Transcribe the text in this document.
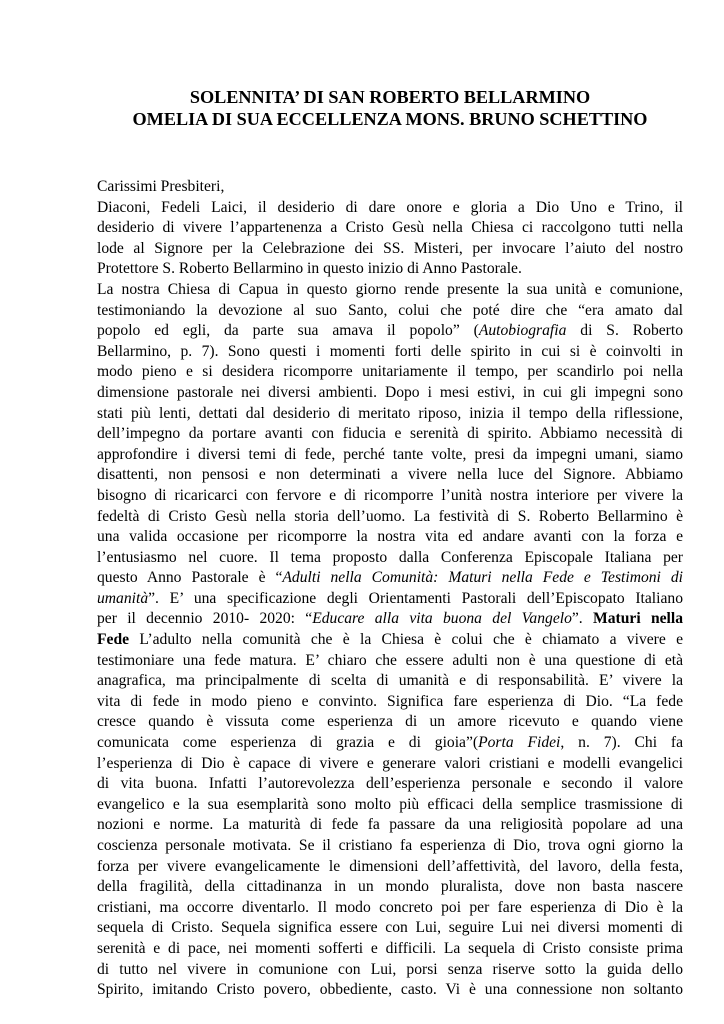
SOLENNITA’ DI SAN ROBERTO BELLARMINO
OMELIA DI SUA ECCELLENZA MONS. BRUNO SCHETTINO
Carissimi Presbiteri,
Diaconi, Fedeli Laici, il desiderio di dare onore e gloria a Dio Uno e Trino, il
desiderio di vivere l’appartenenza a Cristo Gesù nella Chiesa ci raccolgono tutti nella
lode al Signore per la Celebrazione dei SS. Misteri, per invocare l’aiuto del nostro
Protettore S. Roberto Bellarmino in questo inizio di Anno Pastorale.
La nostra Chiesa di Capua in questo giorno rende presente la sua unità e comunione,
testimoniando la devozione al suo Santo, colui che poté dire che “era amato dal
popolo ed egli, da parte sua amava il popolo” (Autobiografia di S. Roberto
Bellarmino, p. 7). Sono questi i momenti forti delle spirito in cui si è coinvolti in
modo pieno e si desidera ricomporre unitariamente il tempo, per scandirlo poi nella
dimensione pastorale nei diversi ambienti. Dopo i mesi estivi, in cui gli impegni sono
stati più lenti, dettati dal desiderio di meritato riposo, inizia il tempo della riflessione,
dell’impegno da portare avanti con fiducia e serenità di spirito. Abbiamo necessità di
approfondire i diversi temi di fede, perché tante volte, presi da impegni umani, siamo
disattenti, non pensosi e non determinati a vivere nella luce del Signore. Abbiamo
bisogno di ricaricarci con fervore e di ricomporre l’unità nostra interiore per vivere la
fedeltà di Cristo Gesù nella storia dell’uomo. La festività di S. Roberto Bellarmino è
una valida occasione per ricomporre la nostra vita ed andare avanti con la forza e
l’entusiasmo nel cuore. Il tema proposto dalla Conferenza Episcopale Italiana per
questo Anno Pastorale è “Adulti nella Comunità: Maturi nella Fede e Testimoni di
umanità”. E’ una specificazione degli Orientamenti Pastorali dell’Episcopato Italiano
per il decennio 2010- 2020: “Educare alla vita buona del Vangelo”. Maturi nella
Fede L’adulto nella comunità che è la Chiesa è colui che è chiamato a vivere e
testimoniare una fede matura. E’ chiaro che essere adulti non è una questione di età
anagrafica, ma principalmente di scelta di umanità e di responsabilità. E’ vivere la
vita di fede in modo pieno e convinto. Significa fare esperienza di Dio. “La fede
cresce quando è vissuta come esperienza di un amore ricevuto e quando viene
comunicata come esperienza di grazia e di gioia”(Porta Fidei, n. 7). Chi fa
l’esperienza di Dio è capace di vivere e generare valori cristiani e modelli evangelici
di vita buona. Infatti l’autorevolezza dell’esperienza personale e secondo il valore
evangelico e la sua esemplarità sono molto più efficaci della semplice trasmissione di
nozioni e norme. La maturità di fede fa passare da una religiosità popolare ad una
coscienza personale motivata. Se il cristiano fa esperienza di Dio, trova ogni giorno la
forza per vivere evangelicamente le dimensioni dell’affettività, del lavoro, della festa,
della fragilità, della cittadinanza in un mondo pluralista, dove non basta nascere
cristiani, ma occorre diventarlo. Il modo concreto poi per fare esperienza di Dio è la
sequela di Cristo. Sequela significa essere con Lui, seguire Lui nei diversi momenti di
serenità e di pace, nei momenti sofferti e difficili. La sequela di Cristo consiste prima
di tutto nel vivere in comunione con Lui, porsi senza riserve sotto la guida dello
Spirito, imitando Cristo povero, obbediente, casto. Vi è una connessione non soltanto
